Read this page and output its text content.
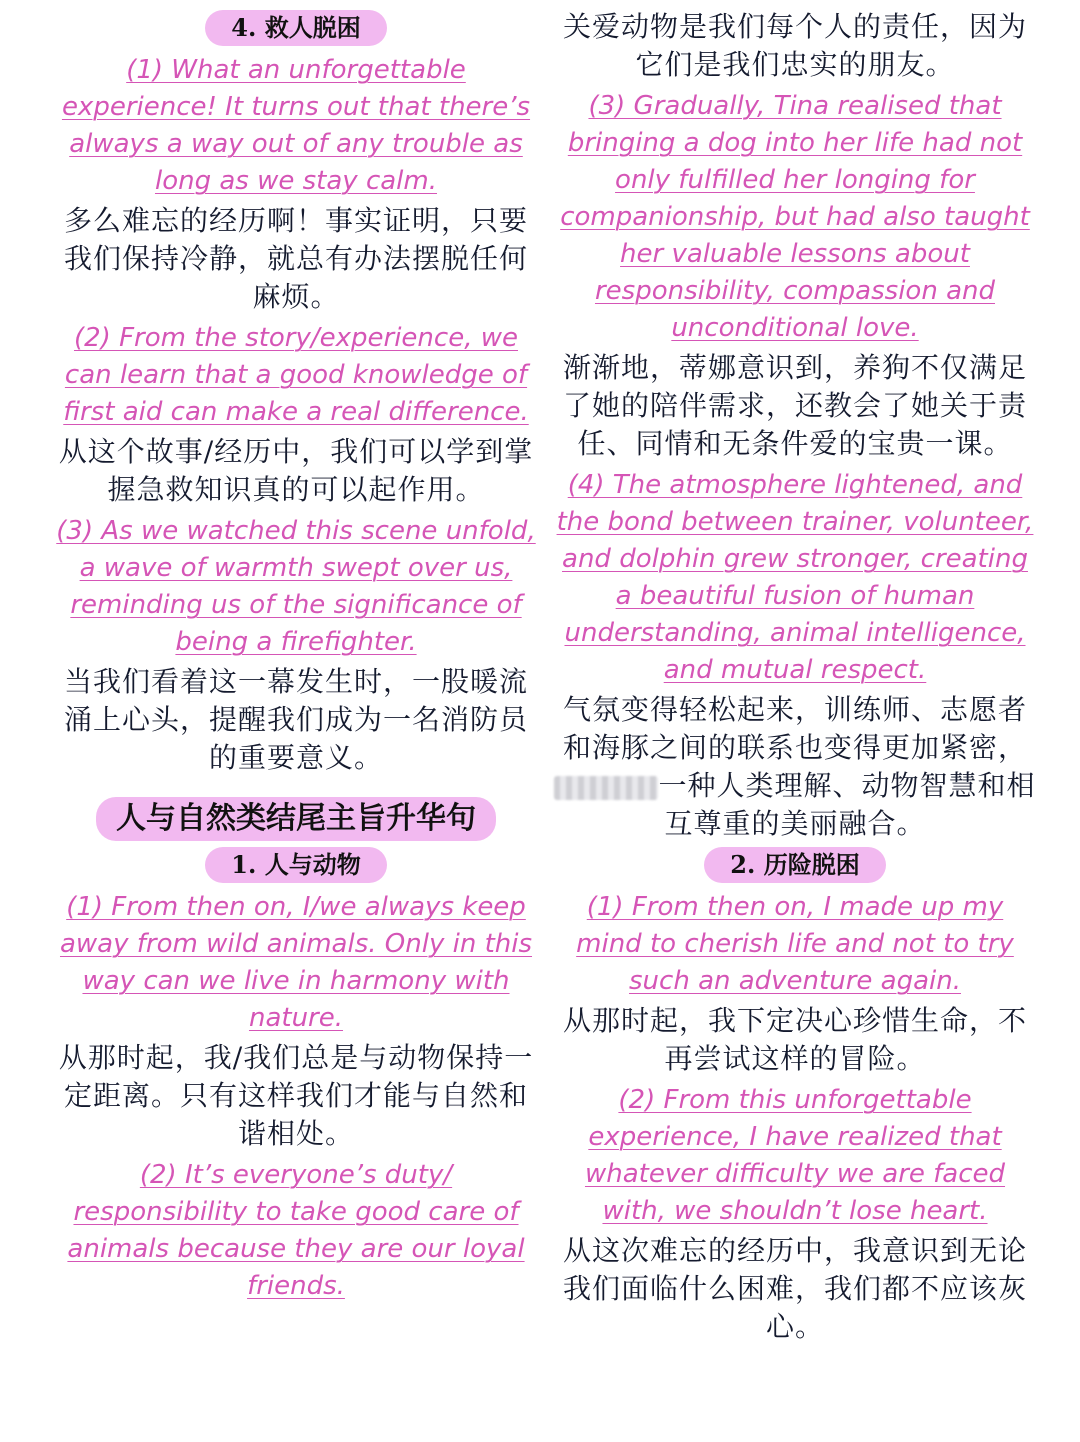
4. 救人脱困

(1) What an unforgettable experience! It turns out that there’s always a way out of any trouble as long as we stay calm.

多么难忘的经历啊！事实证明，只要我们保持冷静，就总有办法摆脱任何麻烦。

(2) From the story/experience, we can learn that a good knowledge of first aid can make a real difference.

从这个故事/经历中，我们可以学到掌握急救知识真的可以起作用。

(3) As we watched this scene unfold, a wave of warmth swept over us, reminding us of the significance of being a firefighter.

当我们看着这一幕发生时，一股暖流涌上心头，提醒我们成为一名消防员的重要意义。

人与自然类结尾主旨升华句
1. 人与动物

(1) From then on, I/we always keep away from wild animals. Only in this way can we live in harmony with nature.

从那时起，我/我们总是与动物保持一定距离。只有这样我们才能与自然和谐相处。

(2) It’s everyone’s duty/ responsibility to take good care of animals because they are our loyal friends.

关爱动物是我们每个人的责任，因为它们是我们忠实的朋友。

(3) Gradually, Tina realised that bringing a dog into her life had not only fulfilled her longing for companionship, but had also taught her valuable lessons about responsibility, compassion and unconditional love.

渐渐地，蒂娜意识到，养狗不仅满足了她的陪伴需求，还教会了她关于责任、同情和无条件爱的宝贵一课。

(4) The atmosphere lightened, and the bond between trainer, volunteer, and dolphin grew stronger, creating a beautiful fusion of human understanding, animal intelligence, and mutual respect.

气氛变得轻松起来，训练师、志愿者和海豚之间的联系也变得更加紧密，一种人类理解、动物智慧和相互尊重的美丽融合。

2. 历险脱困

(1) From then on, I made up my mind to cherish life and not to try such an adventure again.

从那时起，我下定决心珍惜生命，不再尝试这样的冒险。

(2) From this unforgettable experience, I have realized that whatever difficulty we are faced with, we shouldn’t lose heart.

从这次难忘的经历中，我意识到无论我们面临什么困难，我们都不应该灰心。
